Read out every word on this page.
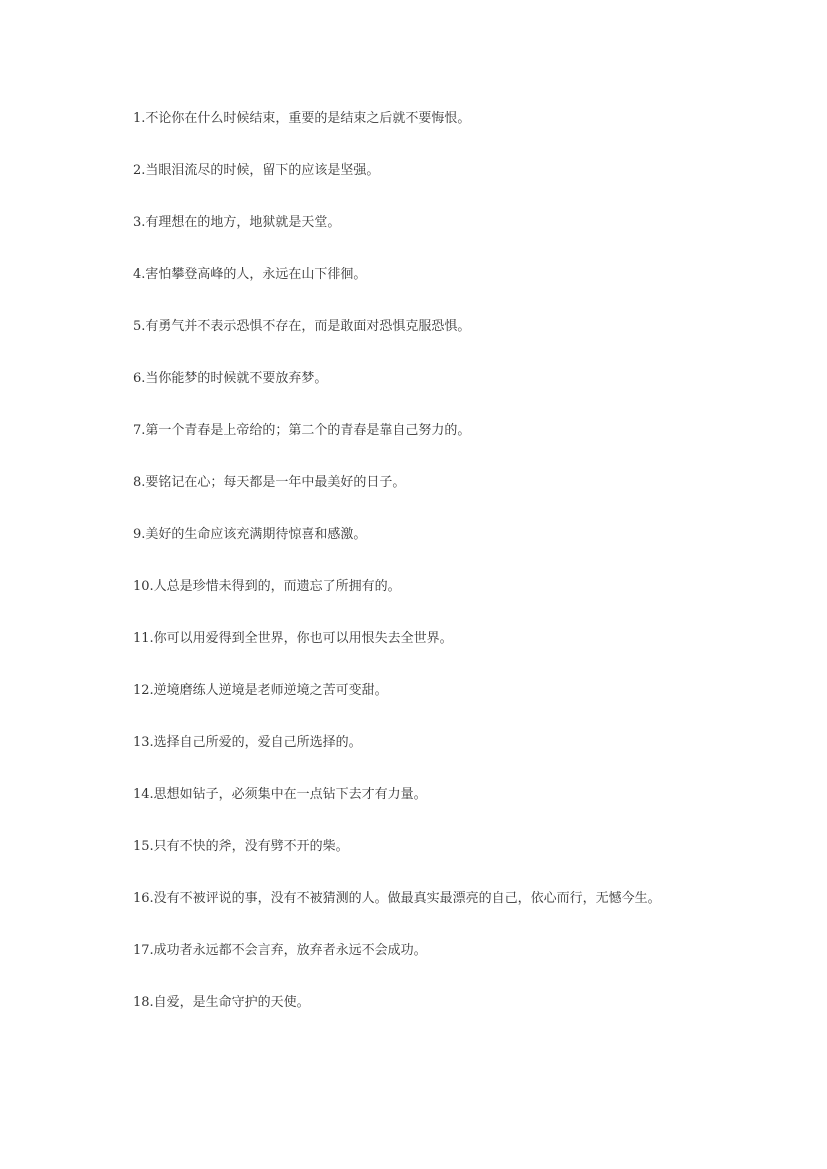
1.不论你在什么时候结束，重要的是结束之后就不要悔恨。

2.当眼泪流尽的时候，留下的应该是坚强。

3.有理想在的地方，地狱就是天堂。

4.害怕攀登高峰的人，永远在山下徘徊。

5.有勇气并不表示恐惧不存在，而是敢面对恐惧克服恐惧。

6.当你能梦的时候就不要放弃梦。

7.第一个青春是上帝给的；第二个的青春是靠自己努力的。

8.要铭记在心；每天都是一年中最美好的日子。

9.美好的生命应该充满期待惊喜和感激。

10.人总是珍惜未得到的，而遗忘了所拥有的。

11.你可以用爱得到全世界，你也可以用恨失去全世界。

12.逆境磨练人逆境是老师逆境之苦可变甜。

13.选择自己所爱的，爱自己所选择的。

14.思想如钻子，必须集中在一点钻下去才有力量。

15.只有不快的斧，没有劈不开的柴。

16.没有不被评说的事，没有不被猜测的人。做最真实最漂亮的自己，依心而行，无憾今生。

17.成功者永远都不会言弃，放弃者永远不会成功。

18.自爱，是生命守护的天使。
